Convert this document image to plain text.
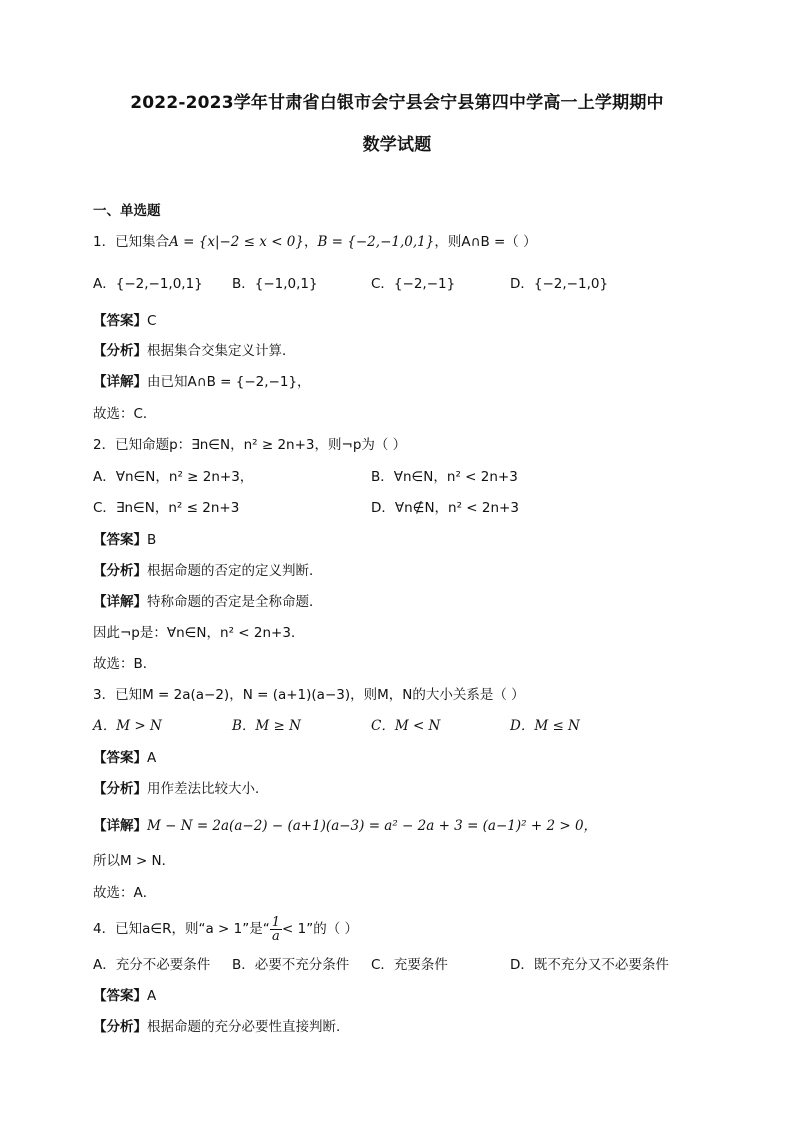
2022-2023学年甘肃省白银市会宁县会宁县第四中学高一上学期期中
数学试题
一、单选题
1．已知集合A = {x|−2 ≤ x < 0}，B = {−2,−1,0,1}，则A∩B =（ ）
A．{−2,−1,0,1} B．{−1,0,1}	C．{−2,−1}	D．{−2,−1,0}
【答案】C
【分析】根据集合交集定义计算．
【详解】由已知A∩B = {−2,−1}，
故选：C．
2．已知命题p：∃n∈N，n² ≥ 2n+3，则¬p为（ ）
A．∀n∈N，n² ≥ 2n+3，	B．∀n∈N，n² < 2n+3
C．∃n∈N，n² ≤ 2n+3	D．∀n∉N，n² < 2n+3
【答案】B
【分析】根据命题的否定的定义判断．
【详解】特称命题的否定是全称命题．
因此¬p是：∀n∈N，n² < 2n+3．
故选：B．
3．已知M = 2a(a−2)，N = (a+1)(a−3)，则M，N的大小关系是（ ）
A．M > N	B．M ≥ N	C．M < N	D．M ≤ N
【答案】A
【分析】用作差法比较大小．
【详解】M − N = 2a(a−2) − (a+1)(a−3) = a² − 2a + 3 = (a−1)² + 2 > 0，
所以M > N．
故选：A．
4．已知a∈R，则“a > 1”是“ $\frac{1}{a} < 1$”的（ ）
A．充分不必要条件 B．必要不充分条件 C．充要条件	D．既不充分又不必要条件
【答案】A
【分析】根据命题的充分必要性直接判断.
